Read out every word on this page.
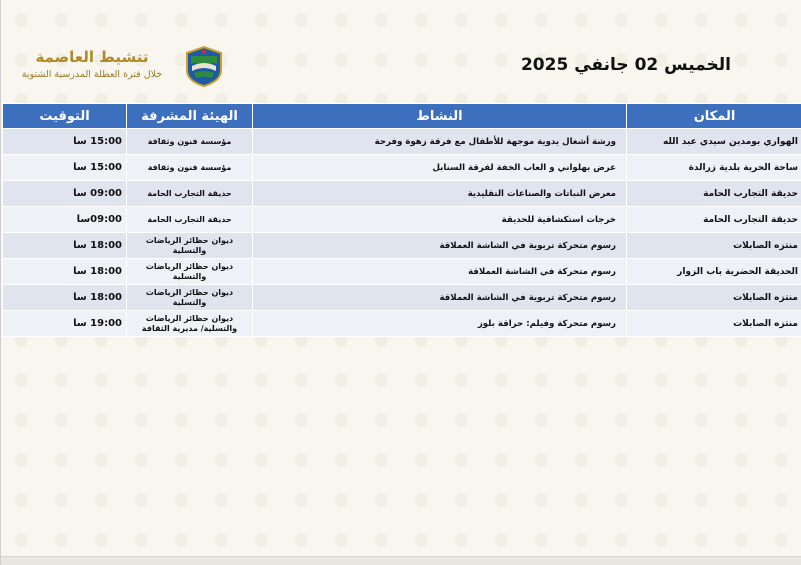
تنشيط العاصمة
خلال فترة العطلة المدرسية الشتوية	الخميس 02 جانفي 2025
المكان	النشاط	الهيئة المشرفة	التوقيت
الهواري بومدين سيدي عبد الله	ورشة أشغال يدوية موجهة للأطفال مع فرقة زهوة وفرحة	مؤسسة فنون وثقافة	15:00 سا
ساحة الحرية بلدية زرالدة	عرض بهلواني و العاب الخفة لفرقة السنابل	مؤسسة فنون وثقافة	15:00 سا
حديقة التجارب الحامة	معرض النباتات والصناعات التقليدية	حديقة التجارب الحامة	09:00 سا
حديقة التجارب الحامة	خرجات استكشافية للحديقة	حديقة التجارب الحامة	09:00سا
منتزه الصابلات	رسوم متحركة تربوية في الشاشة العملاقة	ديوان حظائر الرياضات والتسلية	18:00 سا
الحديقة الحضرية باب الزوار	رسوم متحركة في الشاشة العملاقة	ديوان حظائر الرياضات والتسلية	18:00 سا
منتزه الصابلات	رسوم متحركة تربوية في الشاشة العملاقة	ديوان حظائر الرياضات والتسلية	18:00 سا
منتزه الصابلات	رسوم متحركة وفيلم: حراقة بلوز	ديوان حظائر الرياضات والتسلية/ مديرية الثقافة	19:00 سا
